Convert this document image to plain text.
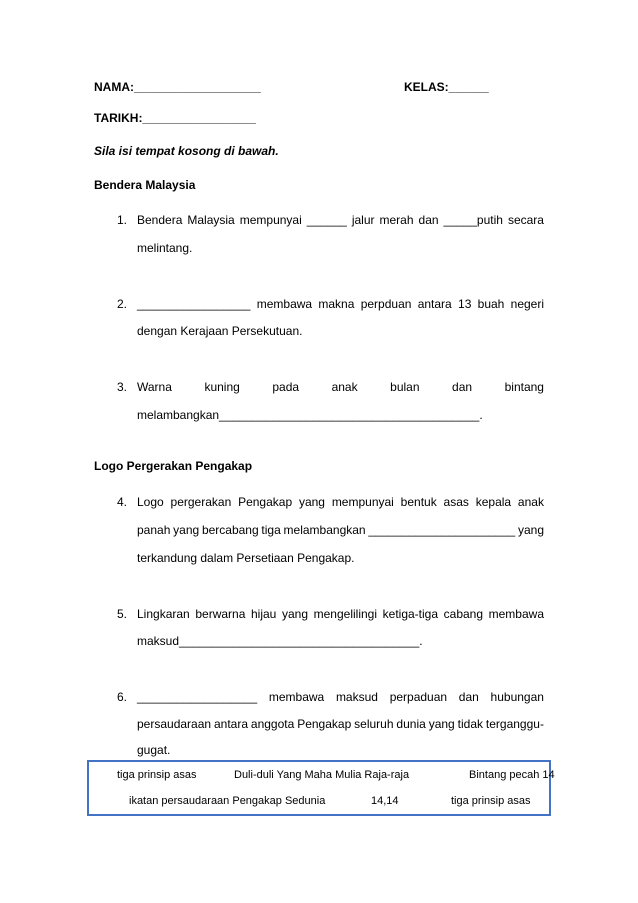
NAMA:___________________	KELAS:______
TARIKH:_________________
Sila isi tempat kosong di bawah.
Bendera Malaysia
1. Bendera Malaysia mempunyai ______ jalur merah dan _____putih secara
melintang.
2. _________________ membawa makna perpduan antara 13 buah negeri
dengan Kerajaan Persekutuan.
3. Warna	kuning	pada	anak	bulan	dan	bintang
melambangkan_______________________________________.
Logo Pergerakan Pengakap
4. Logo pergerakan Pengakap yang mempunyai bentuk asas kepala anak
panah yang bercabang tiga melambangkan ______________________ yang
terkandung dalam Persetiaan Pengakap.
5. Lingkaran berwarna hijau yang mengelilingi ketiga-tiga cabang membawa
maksud____________________________________.
6. __________________ membawa maksud perpaduan dan hubungan
persaudaraan antara anggota Pengakap seluruh dunia yang tidak terganggu-
gugat.
tiga prinsip asas	Duli-duli Yang Maha Mulia Raja-raja	Bintang pecah 14
ikatan persaudaraan Pengakap Sedunia	14,14	tiga prinsip asas
